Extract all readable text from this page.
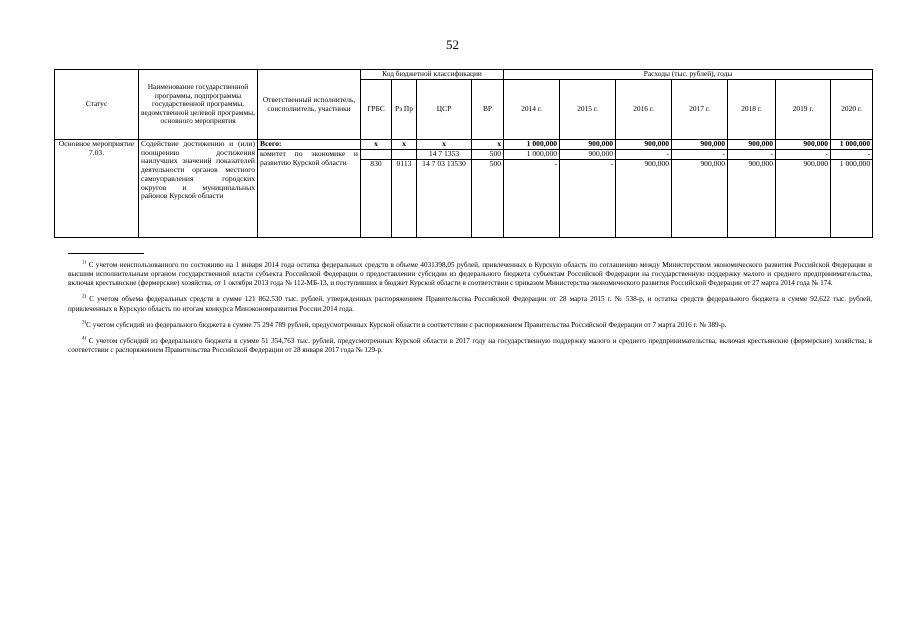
52
Статус	Наименование государственной программы, подпрограммы государственной программы, ведомственной целевой программы, основного мероприятия	Ответственный исполнитель, соисполнитель, участники	Код бюджетной классификации				Расходы (тыс. рублей), годы						
			ГРБС	Рз Пр	ЦСР	ВР	2014 г.	2015 г.	2016 г.	2017 г.	2018 г.	2019 г.	2020 г.
Основное мероприятие 7.03.	Содействие достижению и (или) поощрению достижения наилучших значений показателей деятельности органов местного самоуправления городских округов и муниципальных районов Курской области	Всего:	х	х	х	х	1 000,000	900,000	900,000	900,000	900,000	900,000	1 000,000
		комитет по экономике и развитию Курской области			14 7 1353	500	1 000,000	900,000	-	-	-	-	-
			830	0113	14 7 03 13530	500	-	-	900,000	900,000	900,000	900,000	1 000,000

$^{1)}$ С учетом неиспользованного по состоянию на 1 января 2014 года остатка федеральных средств в объеме 4031398,05 рублей, привлеченных в Курскую область по соглашению между Министерством экономического развития Российской Федерации и высшим исполнительным органом государственной власти субъекта Российской Федерации о предоставлении субсидии из федерального бюджета субъектам Российской Федерации на государственную поддержку малого и среднего предпринимательства, включая крестьянские (фермерские) хозяйства, от 1 октября 2013 года № 112-МБ-13, и поступивших в бюджет Курской области в соответствии с приказом Министерства экономического развития Российской Федерации от 27 марта 2014 года № 174.

$^{2)}$ С учетом объема федеральных средств в сумме 121 862,530 тыс. рублей, утвержденных распоряжением Правительства Российской Федерации от 28 марта 2015 г. № 538-р, и остатка средств федерального бюджета в сумме 92,622 тыс. рублей, привлеченных в Курскую область по итогам конкурса Минэкономразвития России 2014 года.

$^{3)}$С учетом субсидий из федерального бюджета в сумме 75 294 789 рублей, предусмотренных Курской области в соответствии с распоряжением Правительства Российской Федерации от 7 марта 2016 г. № 389-р.

$^{4)}$ С учетом субсидий из федерального бюджета в сумме 51 354,763 тыс. рублей, предусмотренных Курской области в 2017 году на государственную поддержку малого и среднего предпринимательства, включая крестьянские (фермерские) хозяйства, в соответствии с распоряжением Правительства Российской Федерации от 28 января 2017 года № 129-р.
